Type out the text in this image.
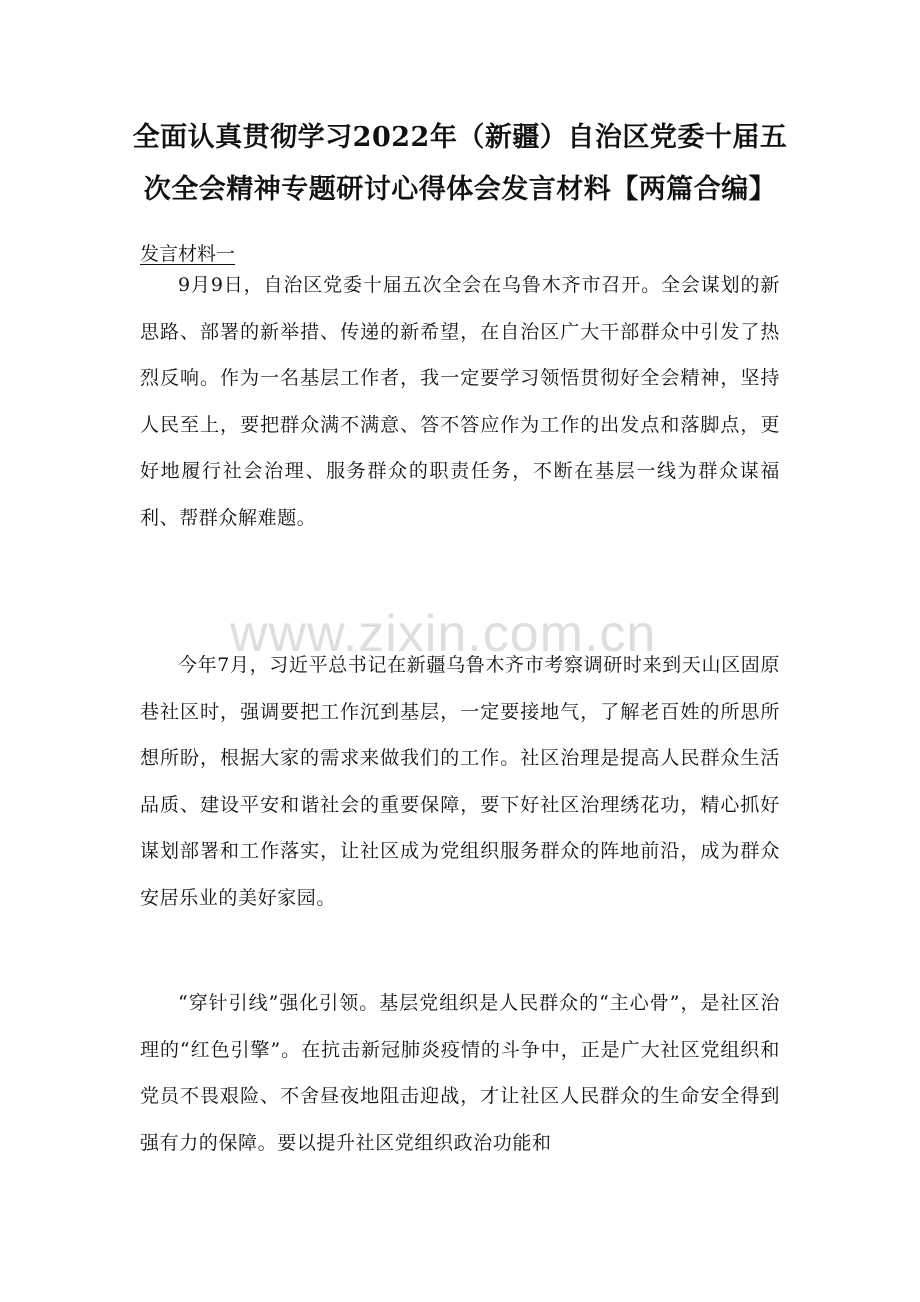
全面认真贯彻学习2022年（新疆）自治区党委十届五次全会精神专题研讨心得体会发言材料【两篇合编】
发言材料一

9月9日，自治区党委十届五次全会在乌鲁木齐市召开。全会谋划的新思路、部署的新举措、传递的新希望，在自治区广大干部群众中引发了热烈反响。作为一名基层工作者，我一定要学习领悟贯彻好全会精神，坚持人民至上，要把群众满不满意、答不答应作为工作的出发点和落脚点，更好地履行社会治理、服务群众的职责任务，不断在基层一线为群众谋福利、帮群众解难题。

www.zixin.com.cn

今年7月，习近平总书记在新疆乌鲁木齐市考察调研时来到天山区固原巷社区时，强调要把工作沉到基层，一定要接地气，了解老百姓的所思所想所盼，根据大家的需求来做我们的工作。社区治理是提高人民群众生活品质、建设平安和谐社会的重要保障，要下好社区治理绣花功，精心抓好谋划部署和工作落实，让社区成为党组织服务群众的阵地前沿，成为群众安居乐业的美好家园。

“穿针引线”强化引领。基层党组织是人民群众的“主心骨”，是社区治理的“红色引擎”。在抗击新冠肺炎疫情的斗争中，正是广大社区党组织和党员不畏艰险、不舍昼夜地阻击迎战，才让社区人民群众的生命安全得到强有力的保障。要以提升社区党组织政治功能和
